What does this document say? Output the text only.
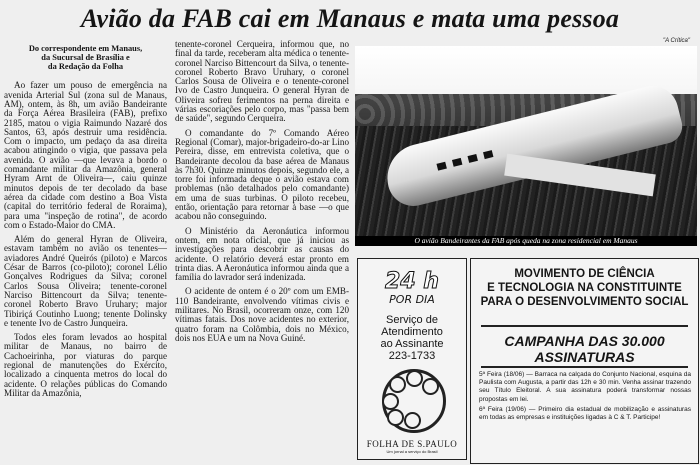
Avião da FAB cai em Manaus e mata uma pessoa
"A Crítica"
Do correspondente em Manaus,
da Sucursal de Brasília e
da Redação da Folha

Ao fazer um pouso de emergência na avenida Arterial Sul (zona sul de Manaus, AM), ontem, às 8h, um avião Bandeirante da Força Aérea Brasileira (FAB), prefixo 2185, matou o vigia Raimundo Nazaré dos Santos, 63, após destruir uma residência. Com o impacto, um pedaço da asa direita acabou atingindo o vigia, que passava pela avenida. O avião —que levava a bordo o comandante militar da Amazônia, general Hyram Arnt de Oliveira—, caiu quinze minutos depois de ter decolado da base aérea da cidade com destino a Boa Vista (capital do território federal de Roraima), para uma "inspeção de rotina", de acordo com o Estado-Maior do CMA.

Além do general Hyran de Oliveira, estavam também no avião os tenentes—aviadores André Queirós (piloto) e Marcos César de Barros (co-piloto); coronel Lélio Gonçalves Rodrigues da Silva; coronel Carlos Sousa Oliveira; tenente-coronel Narciso Bittencourt da Silva; tenente-coronel Roberto Bravo Uruhary; major Tibiriçá Coutinho Luong; tenente Dolinsky e tenente Ivo de Castro Junqueira.

Todos eles foram levados ao hospital militar de Manaus, no bairro de Cachoeirinha, por viaturas do parque regional de manutenções do Exército, localizado a cinquenta metros do local do acidente. O relações públicas do Comando Militar da Amazônia,

tenente-coronel Cerqueira, informou que, no final da tarde, receberam alta médica o tenente-coronel Narciso Bittencourt da Silva, o tenente-coronel Roberto Bravo Uruhary, o coronel Carlos Sousa de Oliveira e o tenente-coronel Ivo de Castro Junqueira. O general Hyran de Oliveira sofreu ferimentos na perna direita e várias escoriações pelo corpo, mas "passa bem de saúde", segundo Cerqueira.

O comandante do 7º Comando Aéreo Regional (Comar), major-brigadeiro-do-ar Lino Pereira, disse, em entrevista coletiva, que o Bandeirante decolou da base aérea de Manaus às 7h30. Quinze minutos depois, segundo ele, a torre foi informada deque o avião estava com problemas (não detalhados pelo comandante) em uma de suas turbinas. O piloto recebeu, então, orientação para retornar à base —o que acabou não conseguindo.

O Ministério da Aeronáutica informou ontem, em nota oficial, que já iniciou as investigações para descobrir as causas do acidente. O relatório deverá estar pronto em trinta dias. A Aeronáutica informou ainda que a família do lavrador será indenizada.

O acidente de ontem é o 20º com um EMB-110 Bandeirante, envolvendo vítimas civis e militares. No Brasil, ocorreram onze, com 120 vítimas fatais. Dos nove acidentes no exterior, quatro foram na Colômbia, dois no México, dois nos EUA e um na Nova Guiné.

O avião Bandeirantes da FAB após queda na zona residencial em Manaus
24 h
POR DIA
Serviço de
Atendimento
ao Assinante
223-1733
FOLHA DE S.PAULO
Um jornal a serviço do Brasil
MOVIMENTO DE CIÊNCIA
E TECNOLOGIA NA CONSTITUINTE
PARA O DESENVOLVIMENTO SOCIAL
CAMPANHA DAS 30.000
ASSINATURAS

5ª Feira (18/06) — Barraca na calçada do Conjunto Nacional, esquina da Paulista com Augusta, a partir das 12h e 30 min. Venha assinar trazendo seu Título Eleitoral. A sua assinatura poderá transformar nossas propostas em lei.

6ª Feira (19/06) — Primeiro dia estadual de mobilização e assinaturas em todas as empresas e instituições ligadas à C & T. Participe!
